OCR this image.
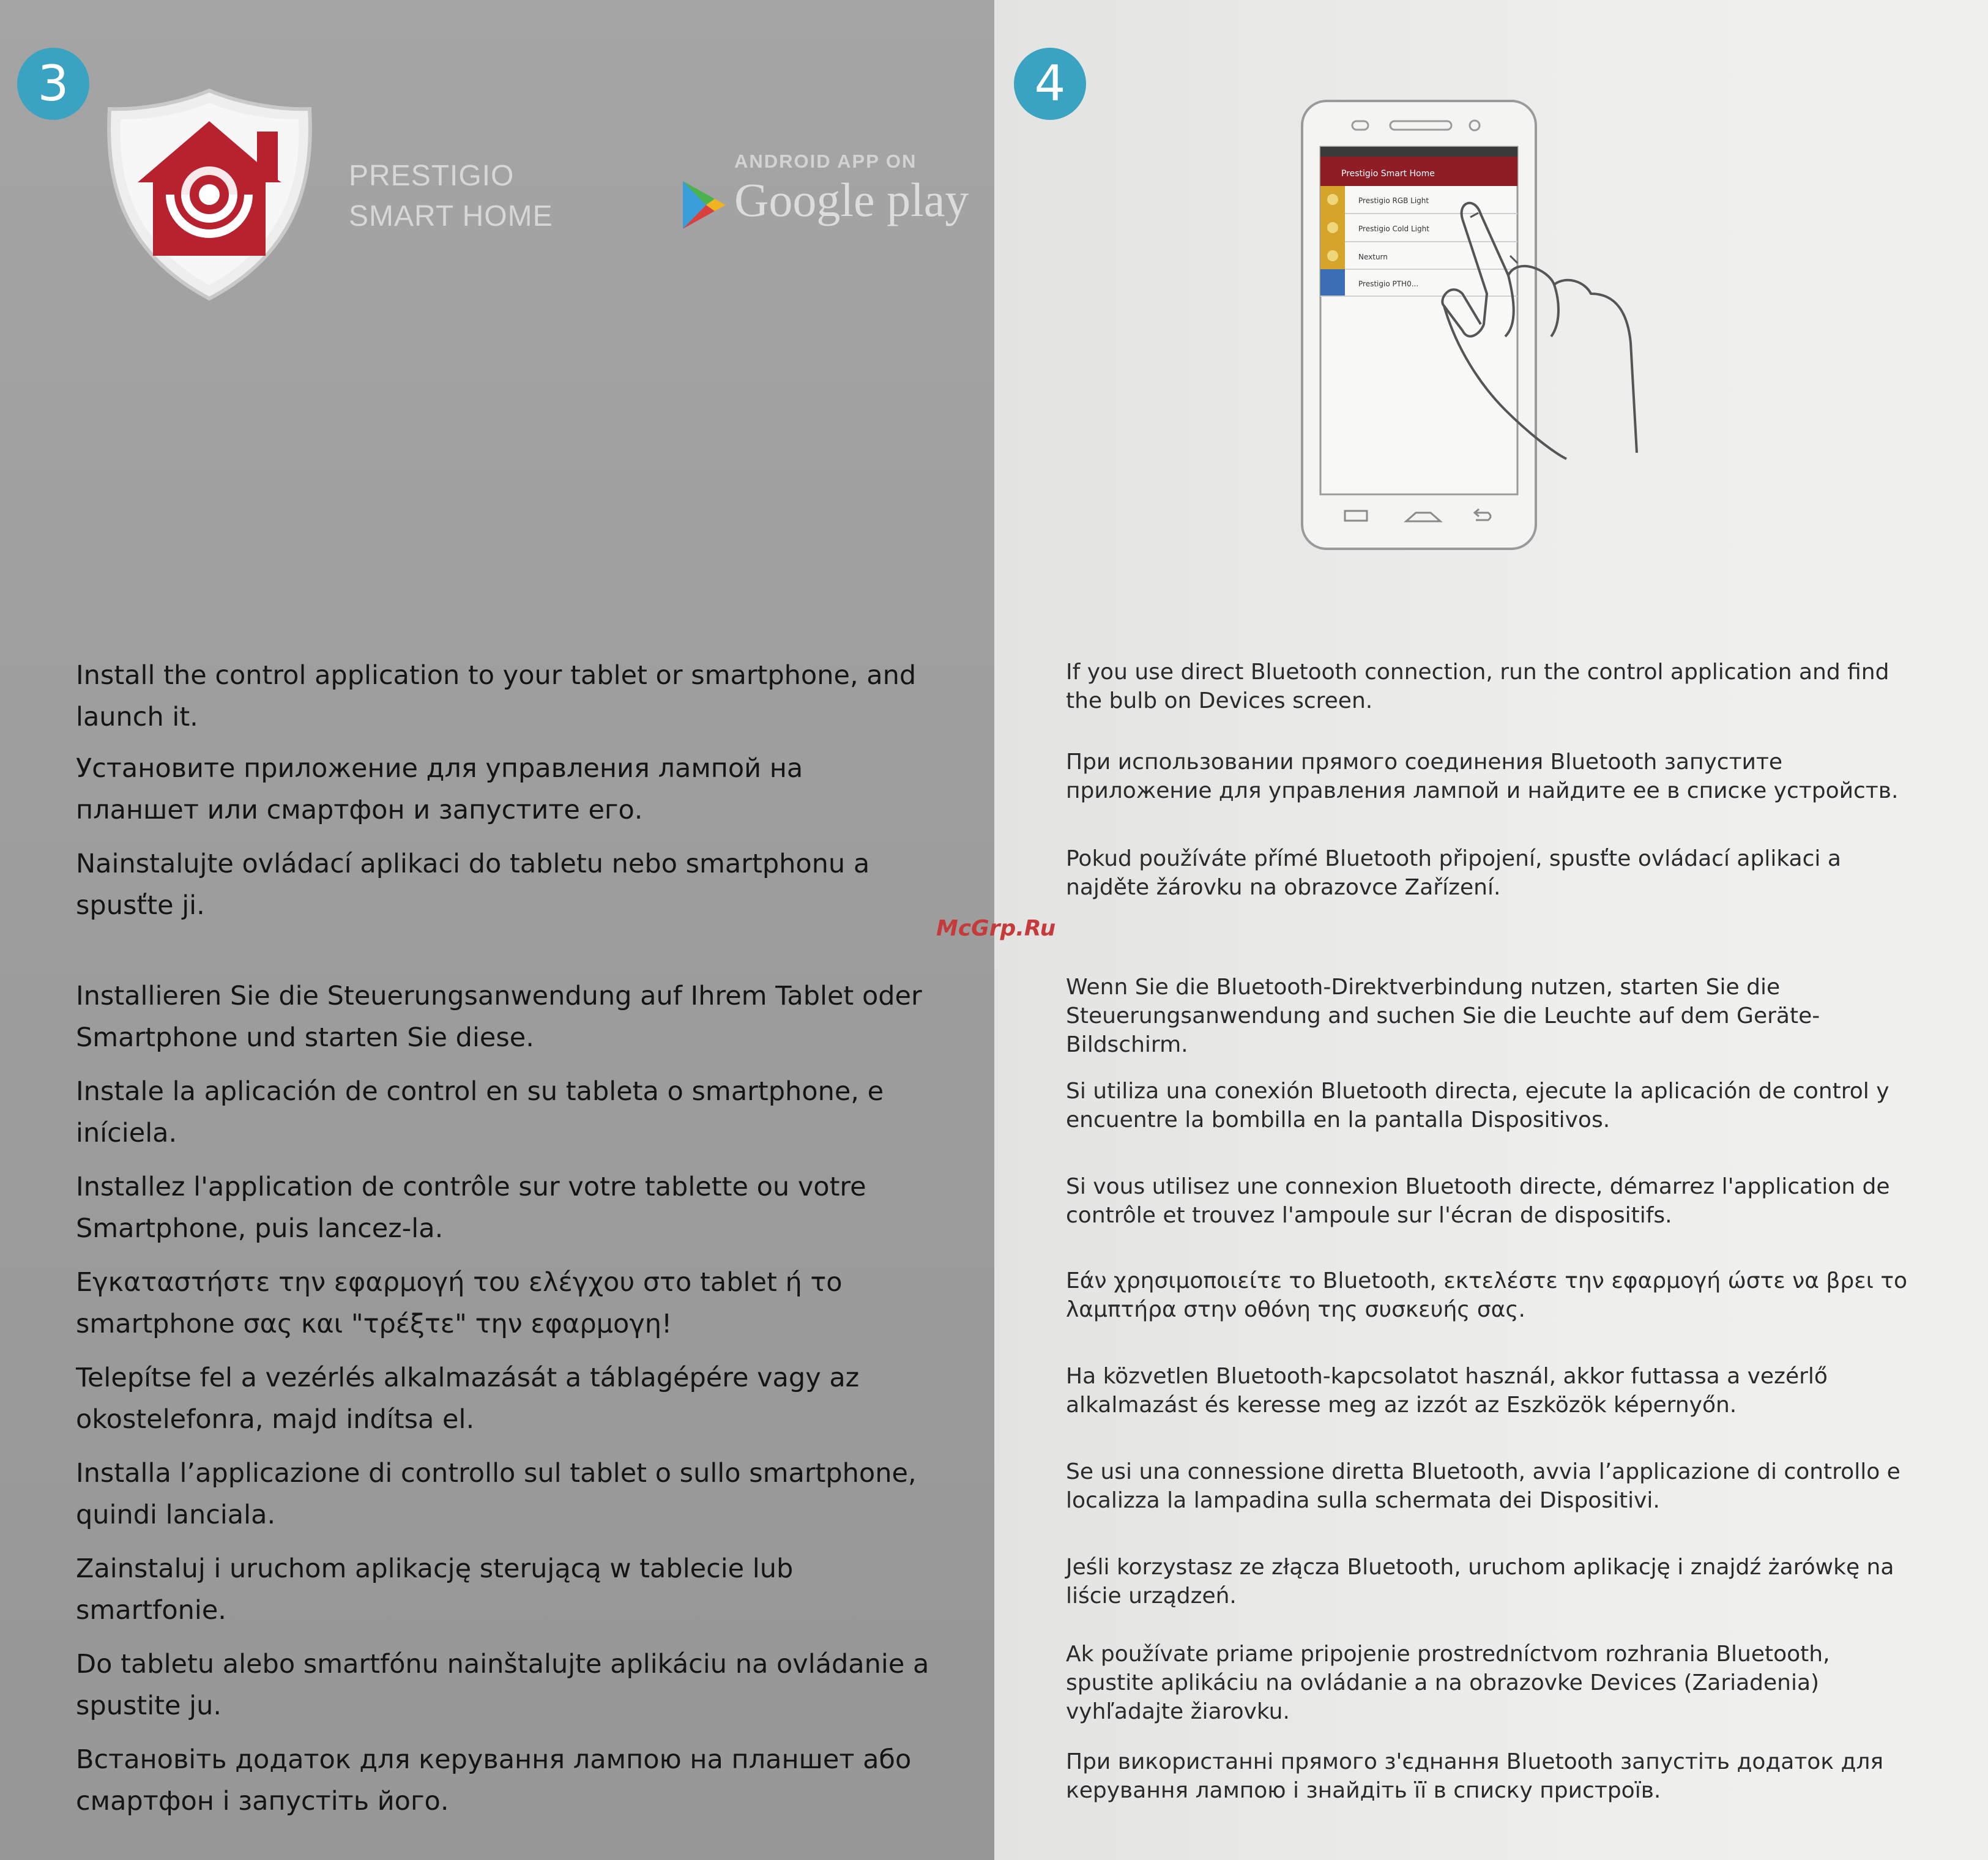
3	4
PRESTIGIO
SMART HOME
ANDROID APP ON
Google play	Prestigio Smart Home
Prestigio RGB Light
Prestigio Cold Light
Nexturn
Prestigio PTH0...
Install the control application to your tablet or smartphone, and launch it.
Установите приложение для управления лампой на планшет или смартфон и запустите его.
Nainstalujte ovládací aplikaci do tabletu nebo smartphonu a spusťte ji.
Installieren Sie die Steuerungsanwendung auf Ihrem Tablet oder Smartphone und starten Sie diese.
Instale la aplicación de control en su tableta o smartphone, e iníciela.
Installez l'application de contrôle sur votre tablette ou votre Smartphone, puis lancez-la.
Εγκαταστήστε την εφαρμογή του ελέγχου στο tablet ή το smartphone σας και "τρέξτε" την εφαρμογη!
Telepítse fel a vezérlés alkalmazását a táblagépére vagy az okostelefonra, majd indítsa el.
Installa l’applicazione di controllo sul tablet o sullo smartphone, quindi lanciala.
Zainstaluj i uruchom aplikację sterującą w tablecie lub smartfonie.
Do tabletu alebo smartfónu nainštalujte aplikáciu na ovládanie a spustite ju.
Встановіть додаток для керування лампою на планшет або смартфон і запустіть його.
If you use direct Bluetooth connection, run the control application and find the bulb on Devices screen.
При использовании прямого соединения Bluetooth запустите приложение для управления лампой и найдите ее в списке устройств.
Pokud používáte přímé Bluetooth připojení, spusťte ovládací aplikaci a najděte žárovku na obrazovce Zařízení.
Wenn Sie die Bluetooth-Direktverbindung nutzen, starten Sie die Steuerungsanwendung and suchen Sie die Leuchte auf dem Geräte-Bildschirm.
Si utiliza una conexión Bluetooth directa, ejecute la aplicación de control y encuentre la bombilla en la pantalla Dispositivos.
Si vous utilisez une connexion Bluetooth directe, démarrez l'application de contrôle et trouvez l'ampoule sur l'écran de dispositifs.
Εάν χρησιμοποιείτε το Bluetooth, εκτελέστε την εφαρμογή ώστε να βρει το λαμπτήρα στην οθόνη της συσκευής σας.
Ha közvetlen Bluetooth-kapcsolatot használ, akkor futtassa a vezérlő alkalmazást és keresse meg az izzót az Eszközök képernyőn.
Se usi una connessione diretta Bluetooth, avvia l’applicazione di controllo e localizza la lampadina sulla schermata dei Dispositivi.
Jeśli korzystasz ze złącza Bluetooth, uruchom aplikację i znajdź żarówkę na liście urządzeń.
Ak používate priame pripojenie prostredníctvom rozhrania Bluetooth, spustite aplikáciu na ovládanie a na obrazovke Devices (Zariadenia) vyhľadajte žiarovku.
При використанні прямого з'єднання Bluetooth запустіть додаток для керування лампою і знайдіть її в списку пристроїв.
McGrp.Ru
